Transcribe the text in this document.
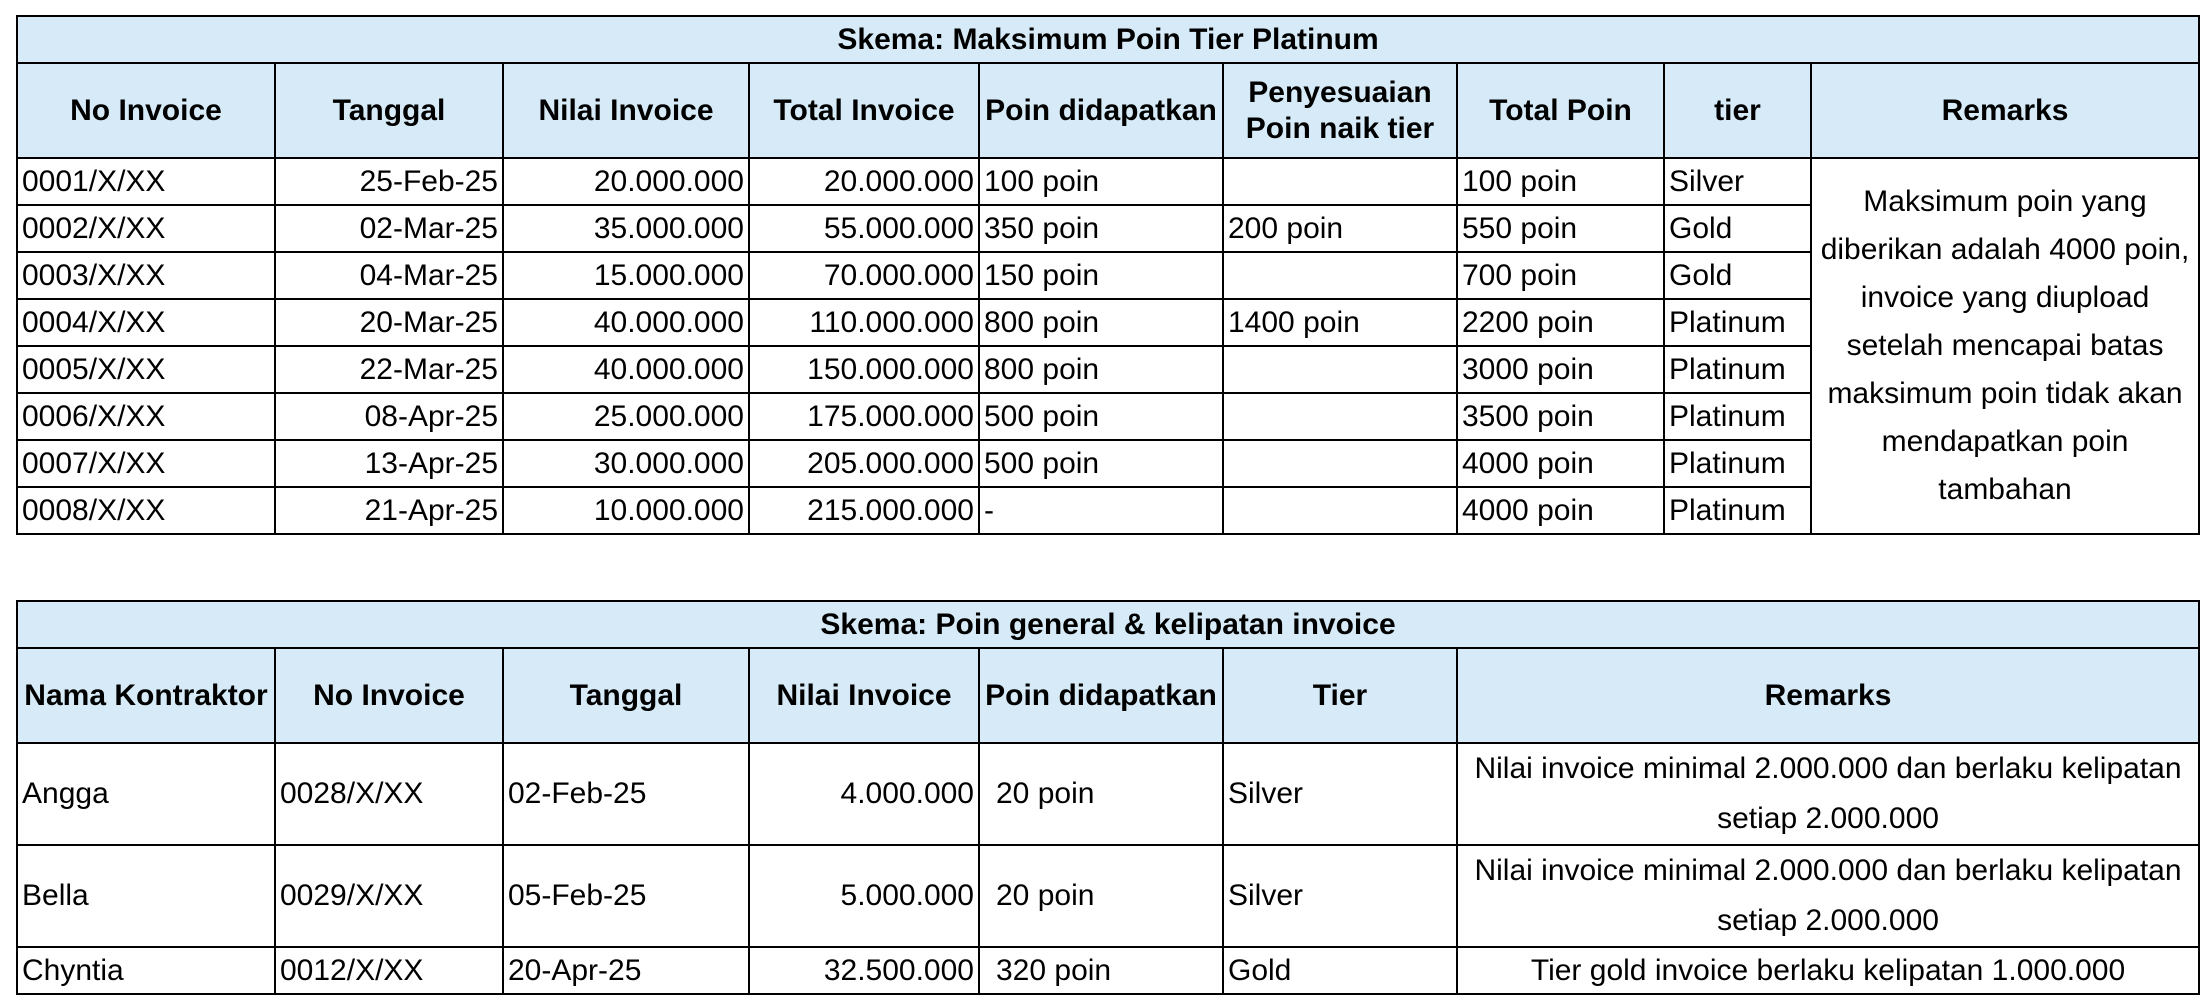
Skema: Maksimum Poin Tier Platinum								
No Invoice	Tanggal	Nilai Invoice	Total Invoice	Poin didapatkan	Penyesuaian Poin naik tier	Total Poin	tier	Remarks
0001/X/XX	25-Feb-25	20.000.000	20.000.000	100 poin		100 poin	Silver	Maksimum poin yang diberikan adalah 4000 poin, invoice yang diupload setelah mencapai batas maksimum poin tidak akan mendapatkan poin tambahan
0002/X/XX	02-Mar-25	35.000.000	55.000.000	350 poin	200 poin	550 poin	Gold	
0003/X/XX	04-Mar-25	15.000.000	70.000.000	150 poin		700 poin	Gold	
0004/X/XX	20-Mar-25	40.000.000	110.000.000	800 poin	1400 poin	2200 poin	Platinum	
0005/X/XX	22-Mar-25	40.000.000	150.000.000	800 poin		3000 poin	Platinum	
0006/X/XX	08-Apr-25	25.000.000	175.000.000	500 poin		3500 poin	Platinum	
0007/X/XX	13-Apr-25	30.000.000	205.000.000	500 poin		4000 poin	Platinum	
0008/X/XX	21-Apr-25	10.000.000	215.000.000	-		4000 poin	Platinum	
Skema: Poin general & kelipatan invoice						
Nama Kontraktor	No Invoice	Tanggal	Nilai Invoice	Poin didapatkan	Tier	Remarks
Angga	0028/X/XX	02-Feb-25	4.000.000	20 poin	Silver	Nilai invoice minimal 2.000.000 dan berlaku kelipatan setiap 2.000.000
Bella	0029/X/XX	05-Feb-25	5.000.000	20 poin	Silver	Nilai invoice minimal 2.000.000 dan berlaku kelipatan setiap 2.000.000
Chyntia	0012/X/XX	20-Apr-25	32.500.000	320 poin	Gold	Tier gold invoice berlaku kelipatan 1.000.000
